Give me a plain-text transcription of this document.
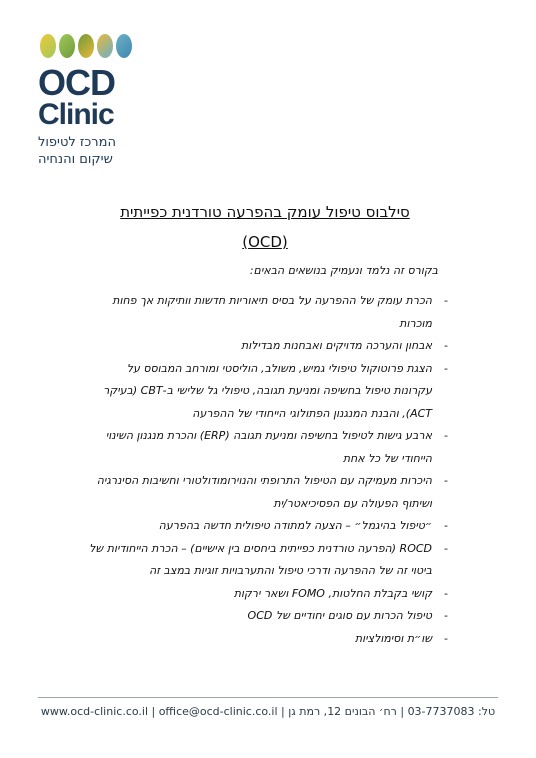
OCD
Clinic
המרכז לטיפול
שיקום והנחיה
סילבוס טיפול עומק בהפרעה טורדנית כפייתית
(OCD)
בקורס זה נלמד ונעמיק בנושאים הבאים:
- הכרת עומק של ההפרעה על בסיס תיאוריות חדשות וותיקות אך פחות מוכרות
- אבחון והערכה מדויקים ואבחנות מבדילות
- הצגת פרוטוקול טיפולי גמיש, משולב, הוליסטי ומורחב המבוסס על עקרונות טיפול בחשיפה ומניעת תגובה, טיפולי גל שלישי ב-CBT (בעיקר ACT), והבנת המנגנון הפתולוגי הייחודי של ההפרעה
- ארבע גישות לטיפול בחשיפה ומניעת תגובה (ERP) והכרת מנגנון השינוי הייחודי של כל אחת
- היכרות מעמיקה עם הטיפול התרופתי והנוירומודולטורי וחשיבות הסינרגיה ושיתוף הפעולה עם הפסיכיאטר/ית
- ״טיפול בהיגמל״ – הצעה למתודה טיפולית חדשה בהפרעה
- ROCD (הפרעה טורדנית כפייתית ביחסים בין אישיים) – הכרת הייחודיות של ביטוי זה של ההפרעה ודרכי טיפול והתערבויות זוגיות במצב זה
- קושי בקבלת החלטות, FOMO ושאר ירקות
- טיפול הכרות עם סוגים יחודיים של OCD
- שו״ת וסימולציות
טל: 03-7737083 | רח׳ הבונים 12, רמת גן | www.ocd-clinic.co.il | office@ocd-clinic.co.il
